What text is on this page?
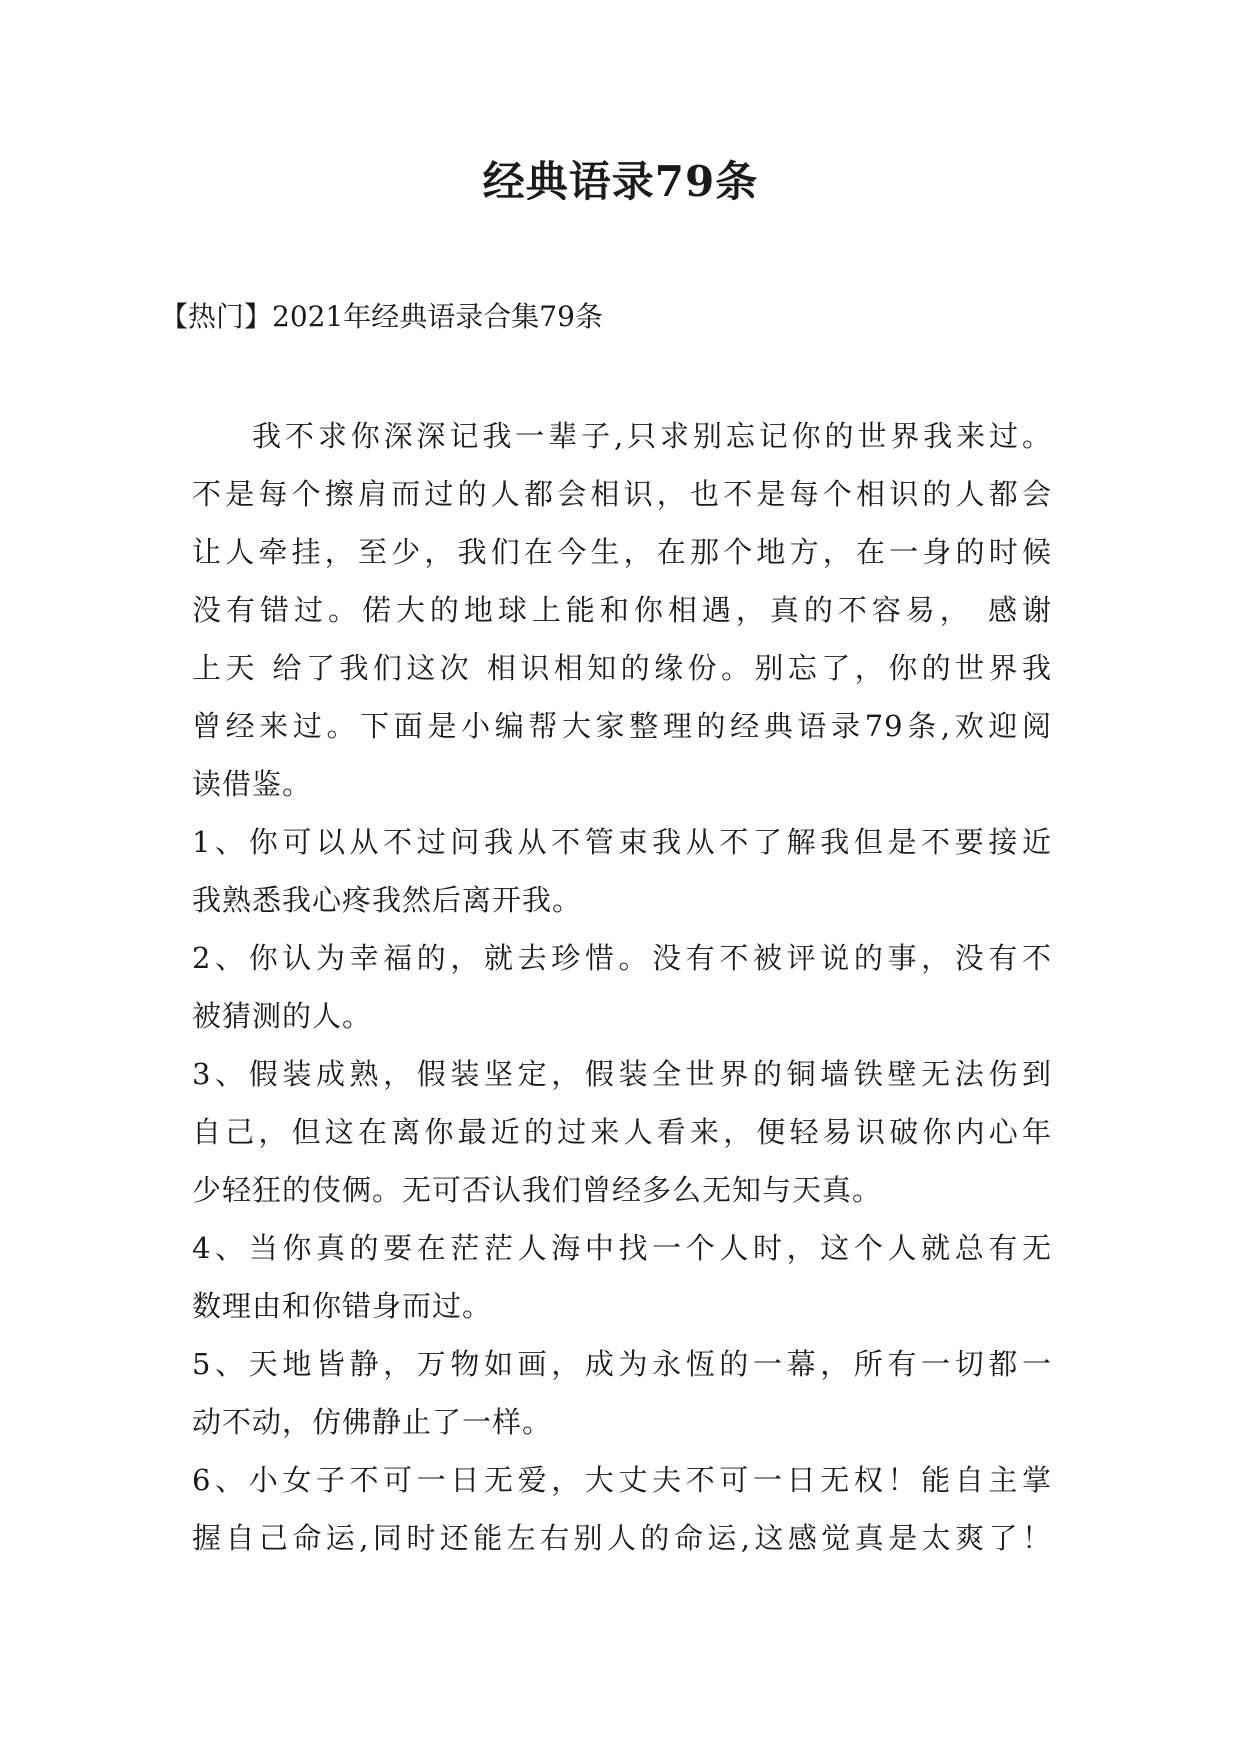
经典语录79条
【热门】2021年经典语录合集79条
我不求你深深记我一辈子,只求别忘记你的世界我来过。
不是每个擦肩而过的人都会相识，也不是每个相识的人都会
让人牵挂，至少，我们在今生，在那个地方，在一身的时候
没有错过。偌大的地球上能和你相遇，真的不容易， 感谢
上天 给了我们这次 相识相知的缘份。别忘了，你的世界我
曾经来过。下面是小编帮大家整理的经典语录79条,欢迎阅
读借鉴。
1、你可以从不过问我从不管束我从不了解我但是不要接近
我熟悉我心疼我然后离开我。
2、你认为幸福的，就去珍惜。没有不被评说的事，没有不
被猜测的人。
3、假装成熟，假装坚定，假装全世界的铜墙铁壁无法伤到
自己，但这在离你最近的过来人看来，便轻易识破你内心年
少轻狂的伎俩。无可否认我们曾经多么无知与天真。
4、当你真的要在茫茫人海中找一个人时，这个人就总有无
数理由和你错身而过。
5、天地皆静，万物如画，成为永恆的一幕，所有一切都一
动不动，仿佛静止了一样。
6、小女子不可一日无爱，大丈夫不可一日无权！能自主掌
握自己命运,同时还能左右别人的命运,这感觉真是太爽了！
